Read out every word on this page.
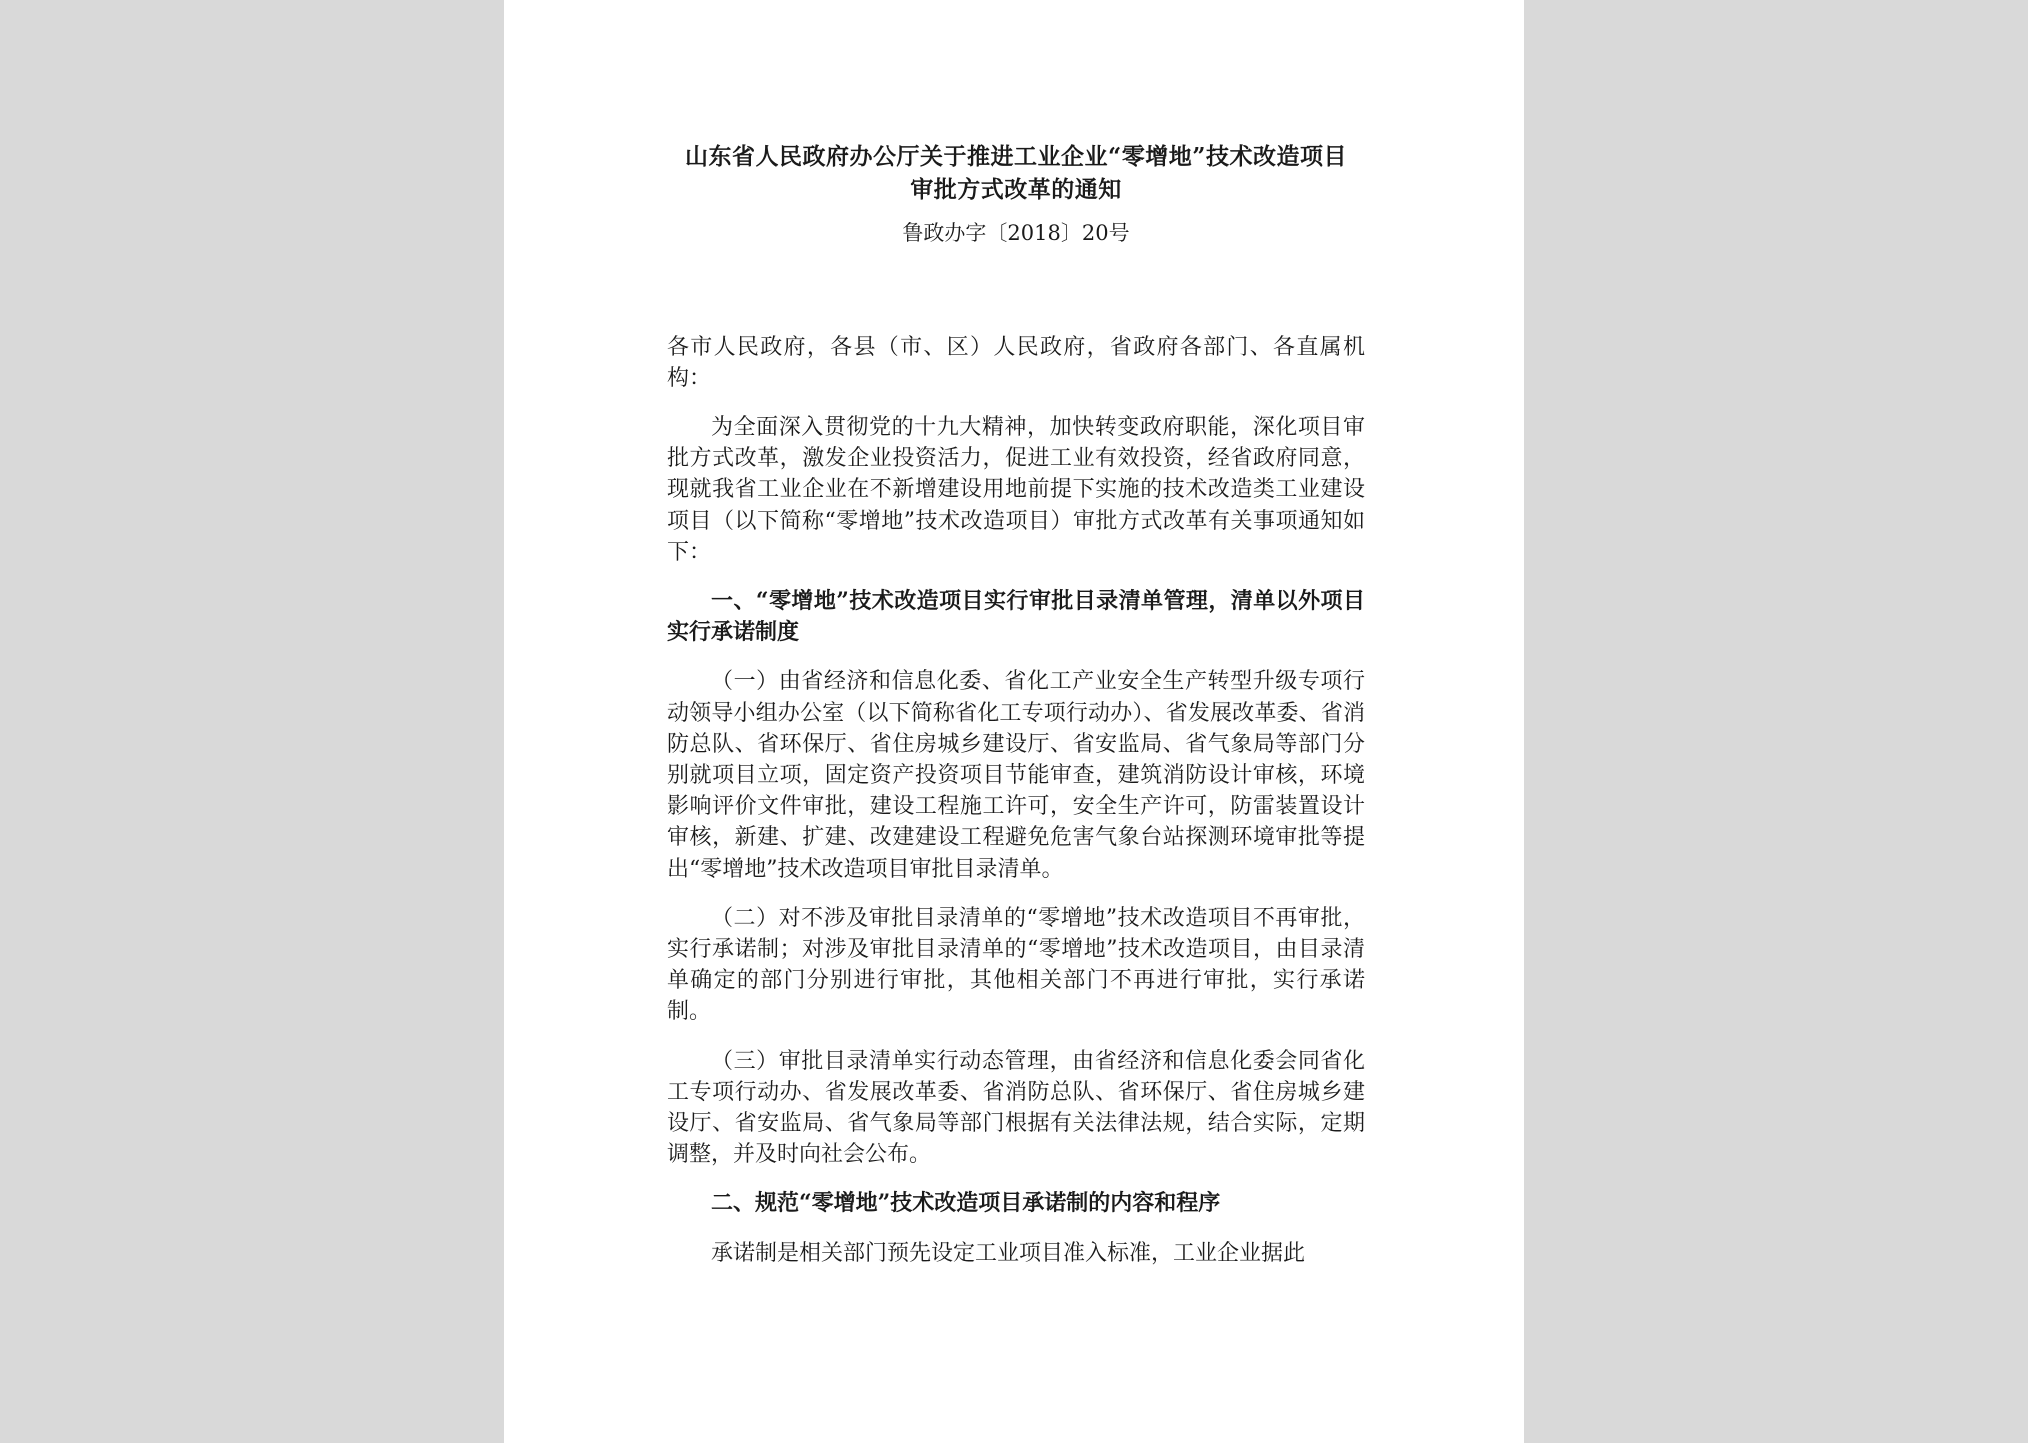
山东省人民政府办公厅关于推进工业企业“零增地”技术改造项目
审批方式改革的通知

鲁政办字〔2018〕20号

各市人民政府，各县（市、区）人民政府，省政府各部门、各直属机构：

为全面深入贯彻党的十九大精神，加快转变政府职能，深化项目审批方式改革，激发企业投资活力，促进工业有效投资，经省政府同意，现就我省工业企业在不新增建设用地前提下实施的技术改造类工业建设项目（以下简称“零增地”技术改造项目）审批方式改革有关事项通知如下：

一、“零增地”技术改造项目实行审批目录清单管理，清单以外项目实行承诺制度

（一）由省经济和信息化委、省化工产业安全生产转型升级专项行动领导小组办公室（以下简称省化工专项行动办）、省发展改革委、省消防总队、省环保厅、省住房城乡建设厅、省安监局、省气象局等部门分别就项目立项，固定资产投资项目节能审查，建筑消防设计审核，环境影响评价文件审批，建设工程施工许可，安全生产许可，防雷装置设计审核，新建、扩建、改建建设工程避免危害气象台站探测环境审批等提出“零增地”技术改造项目审批目录清单。

（二）对不涉及审批目录清单的“零增地”技术改造项目不再审批，实行承诺制；对涉及审批目录清单的“零增地”技术改造项目，由目录清单确定的部门分别进行审批，其他相关部门不再进行审批，实行承诺制。

（三）审批目录清单实行动态管理，由省经济和信息化委会同省化工专项行动办、省发展改革委、省消防总队、省环保厅、省住房城乡建设厅、省安监局、省气象局等部门根据有关法律法规，结合实际，定期调整，并及时向社会公布。

二、规范“零增地”技术改造项目承诺制的内容和程序

承诺制是相关部门预先设定工业项目准入标准，工业企业据此
